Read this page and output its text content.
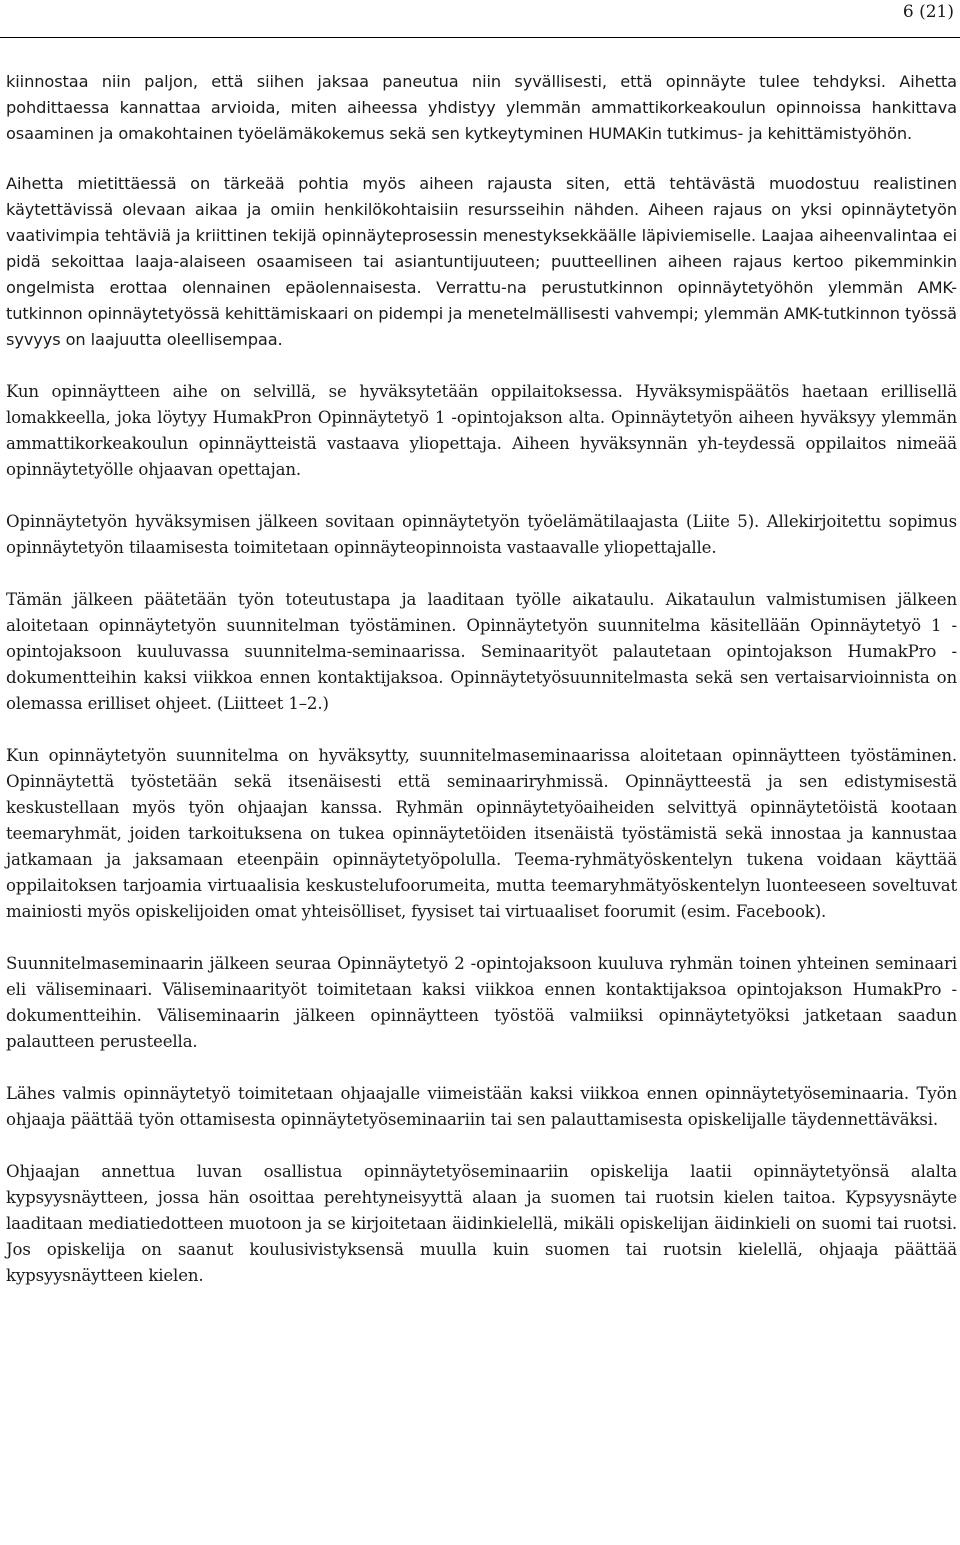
6 (21)

kiinnostaa niin paljon, että siihen jaksaa paneutua niin syvällisesti, että opinnäyte tulee tehdyksi. Aihetta pohdittaessa kannattaa arvioida, miten aiheessa yhdistyy ylemmän ammattikorkeakoulun opinnoissa hankittava osaaminen ja omakohtainen työelämäkokemus sekä sen kytkeytyminen HUMAKin tutkimus- ja kehittämistyöhön.

Aihetta mietittäessä on tärkeää pohtia myös aiheen rajausta siten, että tehtävästä muodostuu realistinen käytettävissä olevaan aikaa ja omiin henkilökohtaisiin resursseihin nähden. Aiheen rajaus on yksi opinnäytetyön vaativimpia tehtäviä ja kriittinen tekijä opinnäyteprosessin menestyksekkäälle läpiviemiselle. Laajaa aiheenvalintaa ei pidä sekoittaa laaja-alaiseen osaamiseen tai asiantuntijuuteen; puutteellinen aiheen rajaus kertoo pikemminkin ongelmista erottaa olennainen epäolennaisesta. Verrattu-na perustutkinnon opinnäytetyöhön ylemmän AMK-tutkinnon opinnäytetyössä kehittämiskaari on pidempi ja menetelmällisesti vahvempi; ylemmän AMK-tutkinnon työssä syvyys on laajuutta oleellisempaa.

Kun opinnäytteen aihe on selvillä, se hyväksytetään oppilaitoksessa. Hyväksymispäätös haetaan erillisellä lomakkeella, joka löytyy HumakPron Opinnäytetyö 1 -opintojakson alta. Opinnäytetyön aiheen hyväksyy ylemmän ammattikorkeakoulun opinnäytteistä vastaava yliopettaja. Aiheen hyväksynnän yh-teydessä oppilaitos nimeää opinnäytetyölle ohjaavan opettajan.

Opinnäytetyön hyväksymisen jälkeen sovitaan opinnäytetyön työelämätilaajasta (Liite 5). Allekirjoitettu sopimus opinnäytetyön tilaamisesta toimitetaan opinnäyteopinnoista vastaavalle yliopettajalle.

Tämän jälkeen päätetään työn toteutustapa ja laaditaan työlle aikataulu. Aikataulun valmistumisen jälkeen aloitetaan opinnäytetyön suunnitelman työstäminen. Opinnäytetyön suunnitelma käsitellään Opinnäytetyö 1 -opintojaksoon kuuluvassa suunnitelma-seminaarissa. Seminaarityöt palautetaan opintojakson HumakPro -dokumentteihin kaksi viikkoa ennen kontaktijaksoa. Opinnäytetyösuunnitelmasta sekä sen vertaisarvioinnista on olemassa erilliset ohjeet. (Liitteet 1–2.)

Kun opinnäytetyön suunnitelma on hyväksytty, suunnitelmaseminaarissa aloitetaan opinnäytteen työstäminen. Opinnäytettä työstetään sekä itsenäisesti että seminaariryhmissä. Opinnäytteestä ja sen edistymisestä keskustellaan myös työn ohjaajan kanssa. Ryhmän opinnäytetyöaiheiden selvittyä opinnäytetöistä kootaan teemaryhmät, joiden tarkoituksena on tukea opinnäytetöiden itsenäistä työstämistä sekä innostaa ja kannustaa jatkamaan ja jaksamaan eteenpäin opinnäytetyöpolulla. Teema-ryhmätyöskentelyn tukena voidaan käyttää oppilaitoksen tarjoamia virtuaalisia keskustelufoorumeita, mutta teemaryhmätyöskentelyn luonteeseen soveltuvat mainiosti myös opiskelijoiden omat yhteisölliset, fyysiset tai virtuaaliset foorumit (esim. Facebook).

Suunnitelmaseminaarin jälkeen seuraa Opinnäytetyö 2 -opintojaksoon kuuluva ryhmän toinen yhteinen seminaari eli väliseminaari. Väliseminaarityöt toimitetaan kaksi viikkoa ennen kontaktijaksoa opintojakson HumakPro -dokumentteihin. Väliseminaarin jälkeen opinnäytteen työstöä valmiiksi opinnäytetyöksi jatketaan saadun palautteen perusteella.

Lähes valmis opinnäytetyö toimitetaan ohjaajalle viimeistään kaksi viikkoa ennen opinnäytetyöseminaaria. Työn ohjaaja päättää työn ottamisesta opinnäytetyöseminaariin tai sen palauttamisesta opiskelijalle täydennettäväksi.

Ohjaajan annettua luvan osallistua opinnäytetyöseminaariin opiskelija laatii opinnäytetyönsä alalta kypsyysnäytteen, jossa hän osoittaa perehtyneisyyttä alaan ja suomen tai ruotsin kielen taitoa. Kypsyysnäyte laaditaan mediatiedotteen muotoon ja se kirjoitetaan äidinkielellä, mikäli opiskelijan äidinkieli on suomi tai ruotsi. Jos opiskelija on saanut koulusivistyksensä muulla kuin suomen tai ruotsin kielellä, ohjaaja päättää kypsyysnäytteen kielen.
